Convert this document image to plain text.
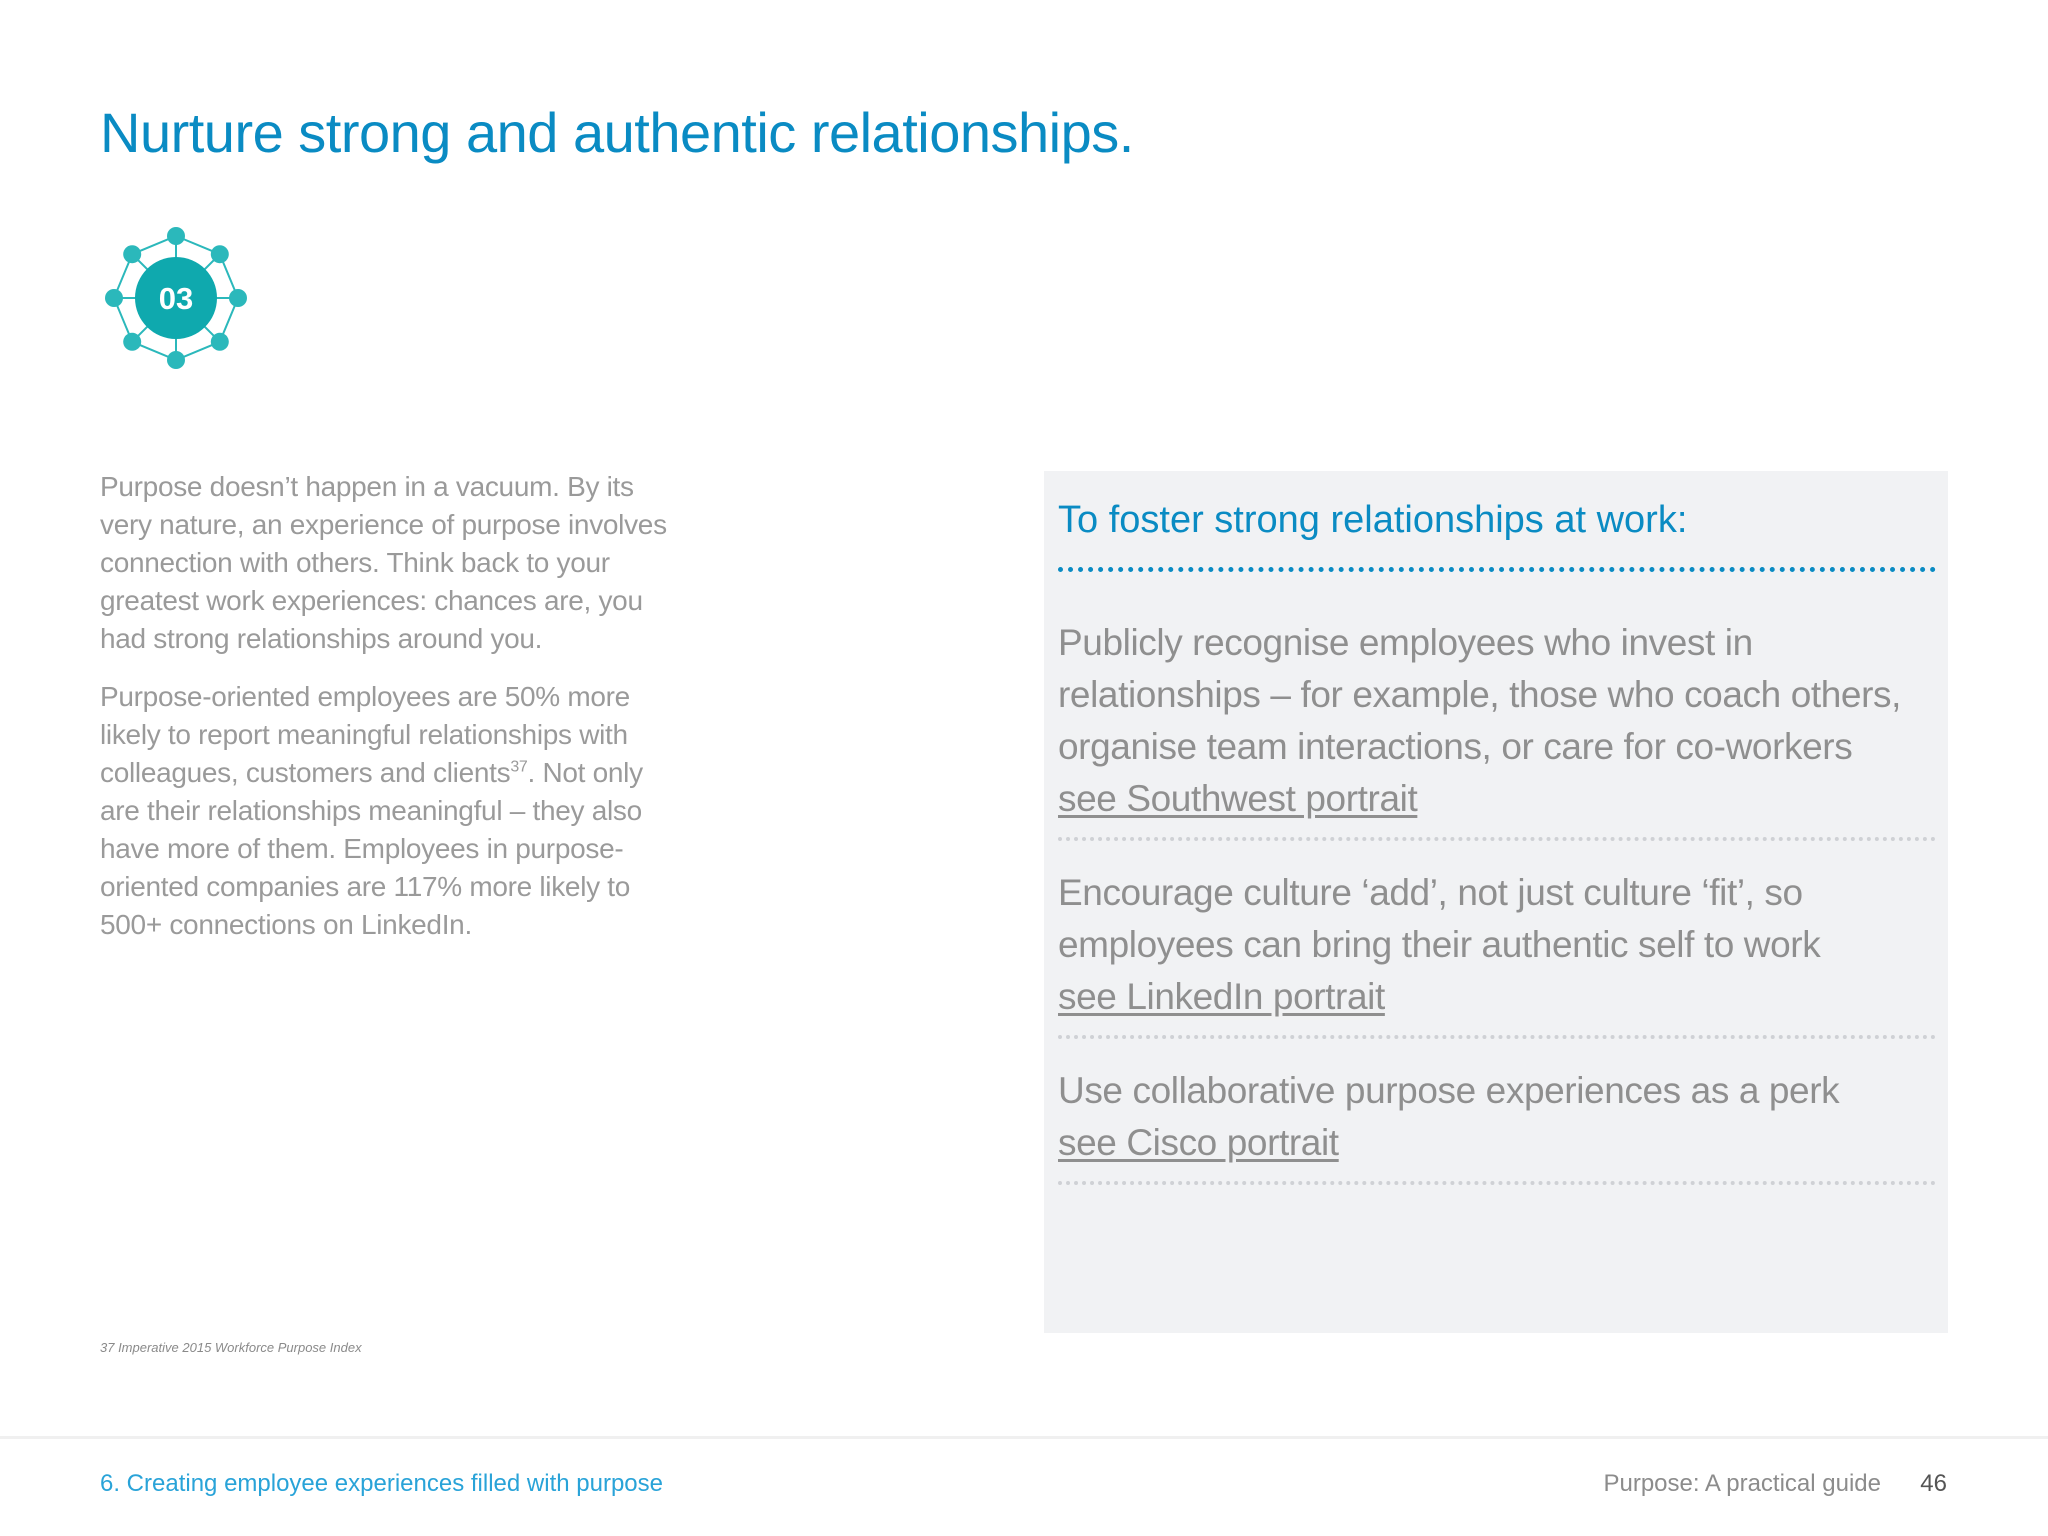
Nurture strong and authentic relationships.
03

Purpose doesn’t happen in a vacuum. By its very nature, an experience of purpose involves connection with others. Think back to your greatest work experiences: chances are, you had strong relationships around you.

Purpose-oriented employees are 50% more likely to report meaningful relationships with colleagues, customers and clients$^{37}$. Not only are their relationships meaningful – they also have more of them. Employees in purpose-oriented companies are 117% more likely to 500+ connections on LinkedIn.

37 Imperative 2015 Workforce Purpose Index
To foster strong relationships at work:
Publicly recognise employees who invest in relationships – for example, those who coach others, organise team interactions, or care for co-workers
see Southwest portrait
Encourage culture ‘add’, not just culture ‘fit’, so employees can bring their authentic self to work
see LinkedIn portrait
Use collaborative purpose experiences as a perk
see Cisco portrait
6. Creating employee experiences filled with purpose	Purpose: A practical guide 46
